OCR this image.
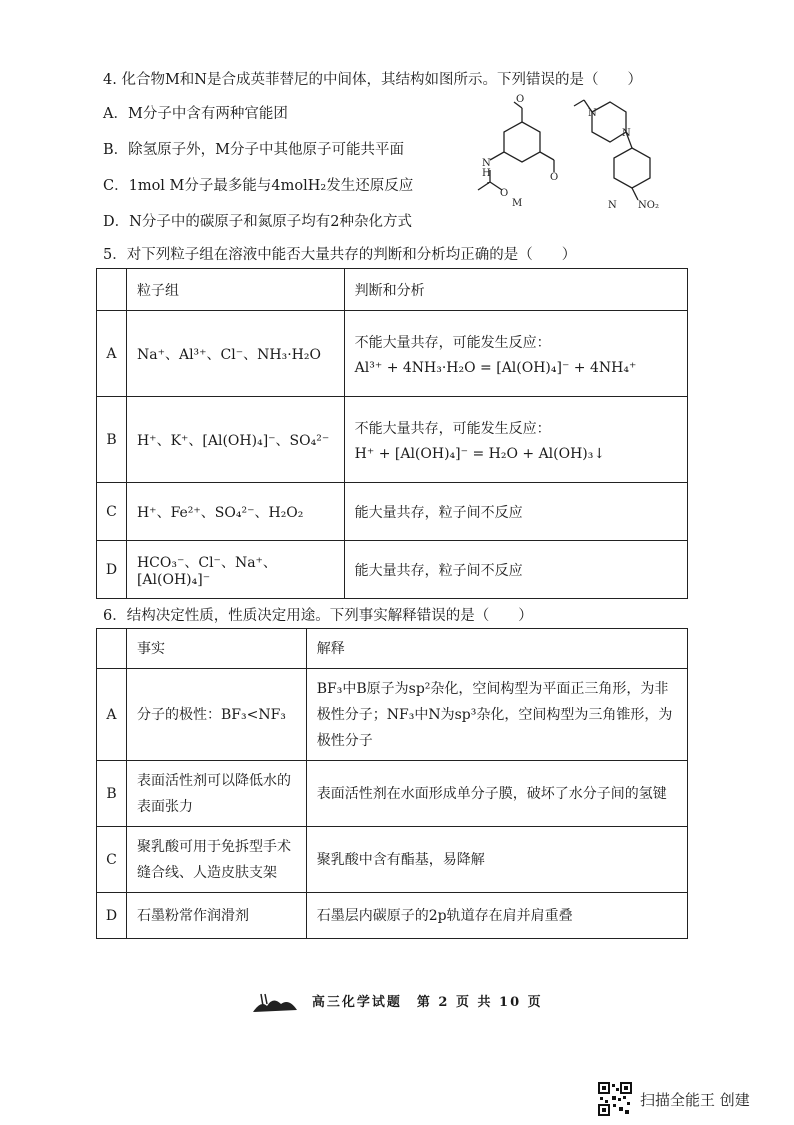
4. 化合物M和N是合成英菲替尼的中间体，其结构如图所示。下列错误的是（　　）
A．M分子中含有两种官能团
B．除氢原子外，M分子中其他原子可能共平面
C．1mol M分子最多能与4molH₂发生还原反应
D．N分子中的碳原子和氮原子均有2种杂化方式
O
O
N
H
O
M
N
N
NO₂
N
5．对下列粒子组在溶液中能否大量共存的判断和分析均正确的是（　　）
	粒子组	判断和分析
A	Na⁺、Al³⁺、Cl⁻、NH₃·H₂O	不能大量共存，可能发生反应：
Al³⁺ + 4NH₃·H₂O = [Al(OH)₄]⁻ + 4NH₄⁺
B	H⁺、K⁺、[Al(OH)₄]⁻、SO₄²⁻	不能大量共存，可能发生反应：
H⁺ + [Al(OH)₄]⁻ = H₂O + Al(OH)₃↓
C	H⁺、Fe²⁺、SO₄²⁻、H₂O₂	能大量共存，粒子间不反应
D	HCO₃⁻、Cl⁻、Na⁺、[Al(OH)₄]⁻	能大量共存，粒子间不反应
6．结构决定性质，性质决定用途。下列事实解释错误的是（　　）
	事实	解释
A	分子的极性：BF₃<NF₃	BF₃中B原子为sp²杂化，空间构型为平面正三角形，为非极性分子；NF₃中N为sp³杂化，空间构型为三角锥形，为极性分子
B	表面活性剂可以降低水的表面张力	表面活性剂在水面形成单分子膜，破坏了水分子间的氢键
C	聚乳酸可用于免拆型手术缝合线、人造皮肤支架	聚乳酸中含有酯基，易降解
D	石墨粉常作润滑剂	石墨层内碳原子的2p轨道存在肩并肩重叠
高三化学试题　第 2 页 共 10 页
扫描全能王 创建
